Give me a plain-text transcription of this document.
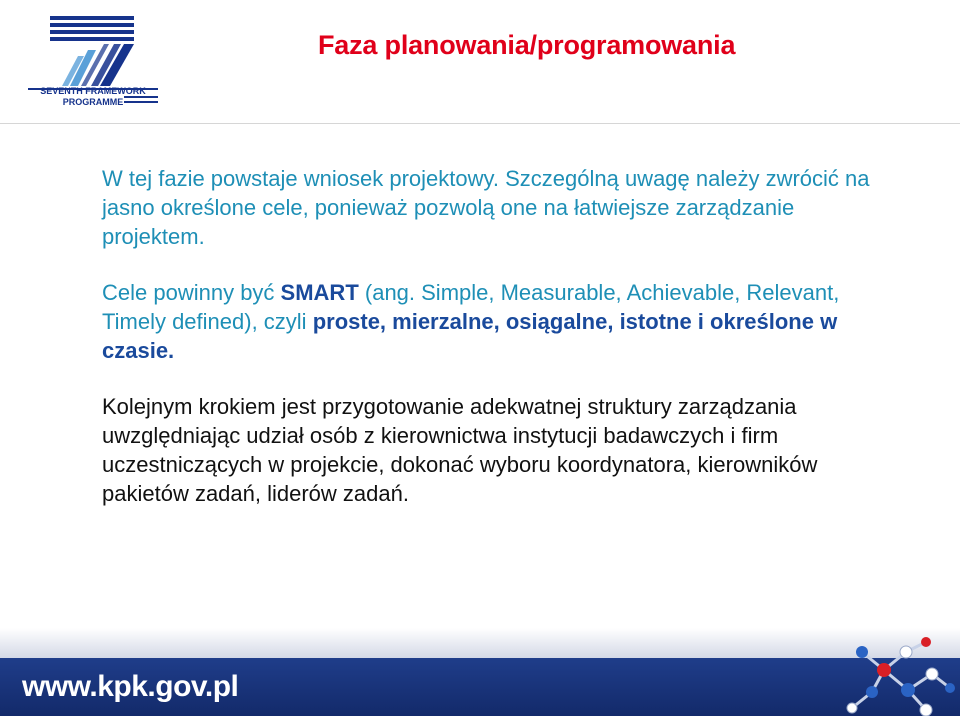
SEVENTH FRAMEWORK
PROGRAMME
Faza planowania/programowania

W tej fazie powstaje wniosek projektowy. Szczególną uwagę należy zwrócić na jasno określone cele, ponieważ pozwolą one na łatwiejsze zarządzanie projektem.

Cele powinny być SMART (ang. Simple, Measurable, Achievable, Relevant, Timely defined), czyli proste, mierzalne, osiągalne, istotne i określone w czasie.

Kolejnym krokiem jest przygotowanie adekwatnej struktury zarządzania uwzględniając udział osób z kierownictwa instytucji badawczych i firm uczestniczących w projekcie, dokonać wyboru koordynatora, kierowników pakietów zadań, liderów zadań.

www.kpk.gov.pl
